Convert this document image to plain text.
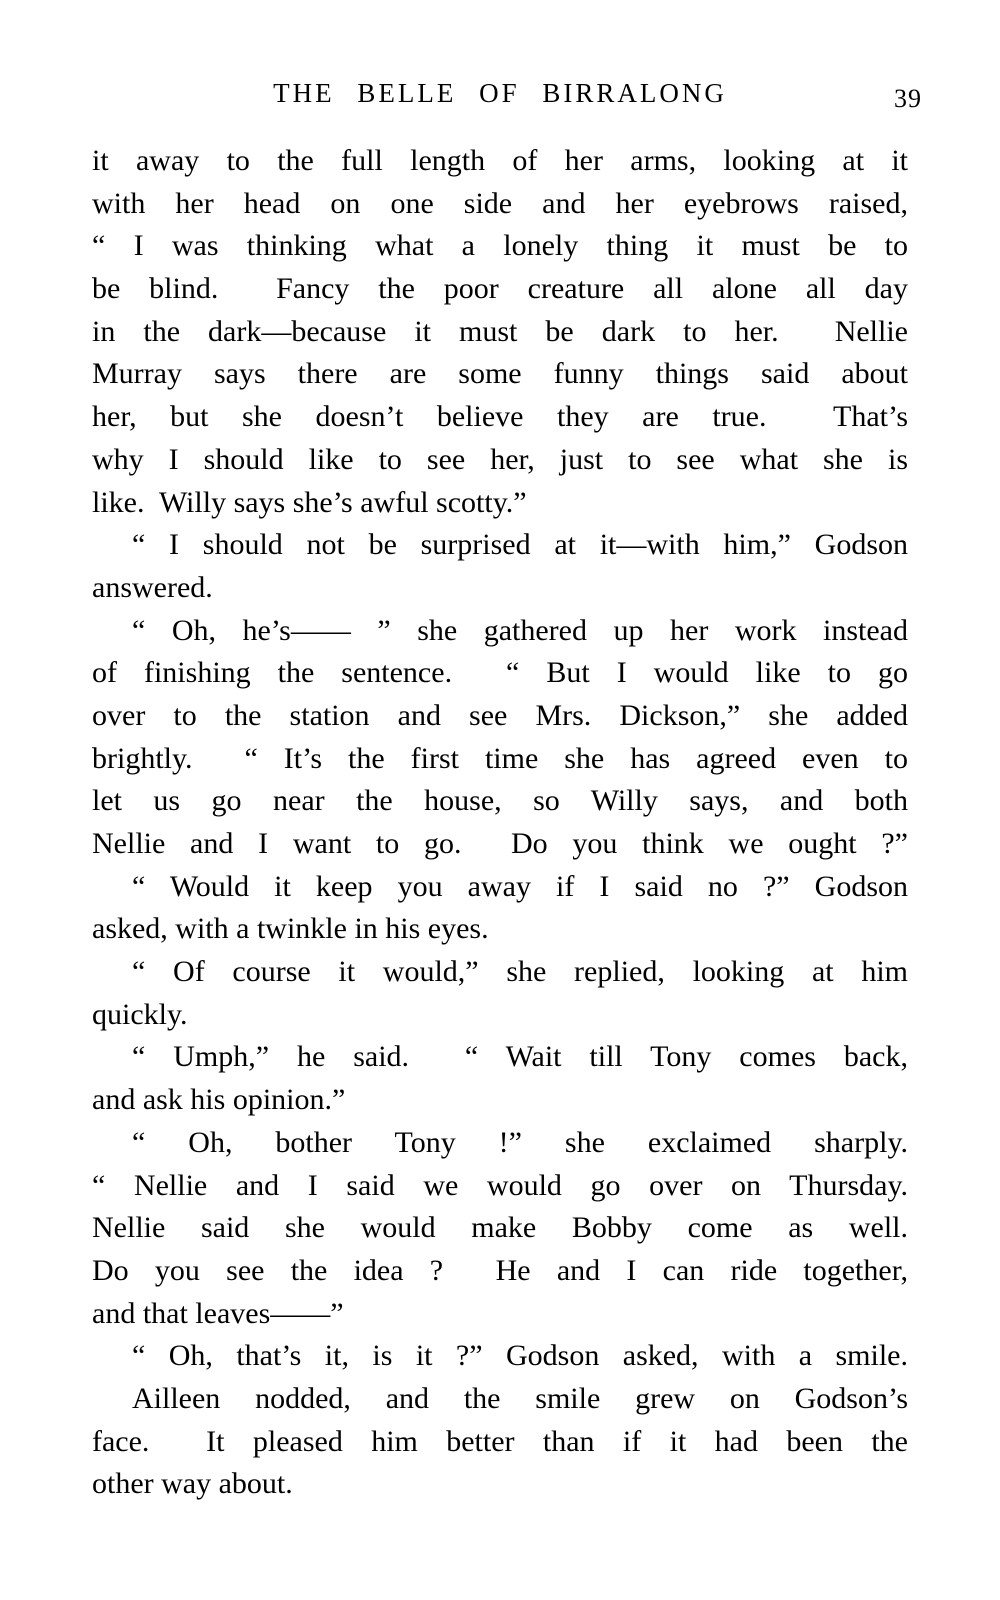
THE BELLE OF BIRRALONG	39
it away to the full length of her arms, looking at it
with her head on one side and her eyebrows raised,
“ I was thinking what a lonely thing it must be to
be blind.  Fancy the poor creature all alone all day
in the dark—because it must be dark to her.  Nellie
Murray says there are some funny things said about
her, but she doesn’t believe they are true.  That’s
why I should like to see her, just to see what she is
like.  Willy says she’s awful scotty.”
“ I should not be surprised at it—with him,” Godson
answered.
“ Oh, he’s—— ” she gathered up her work instead
of finishing the sentence.  “ But I would like to go
over to the station and see Mrs. Dickson,” she added
brightly.  “ It’s the first time she has agreed even to
let us go near the house, so Willy says, and both
Nellie and I want to go.  Do you think we ought ?”
“ Would it keep you away if I said no ?” Godson
asked, with a twinkle in his eyes.
“ Of course it would,” she replied, looking at him
quickly.
“ Umph,” he said.  “ Wait till Tony comes back,
and ask his opinion.”
“ Oh, bother Tony !” she exclaimed sharply.
“ Nellie and I said we would go over on Thursday.
Nellie said she would make Bobby come as well.
Do you see the idea ?  He and I can ride together,
and that leaves——”
“ Oh, that’s it, is it ?” Godson asked, with a smile.
Ailleen nodded, and the smile grew on Godson’s
face.  It pleased him better than if it had been the
other way about.
